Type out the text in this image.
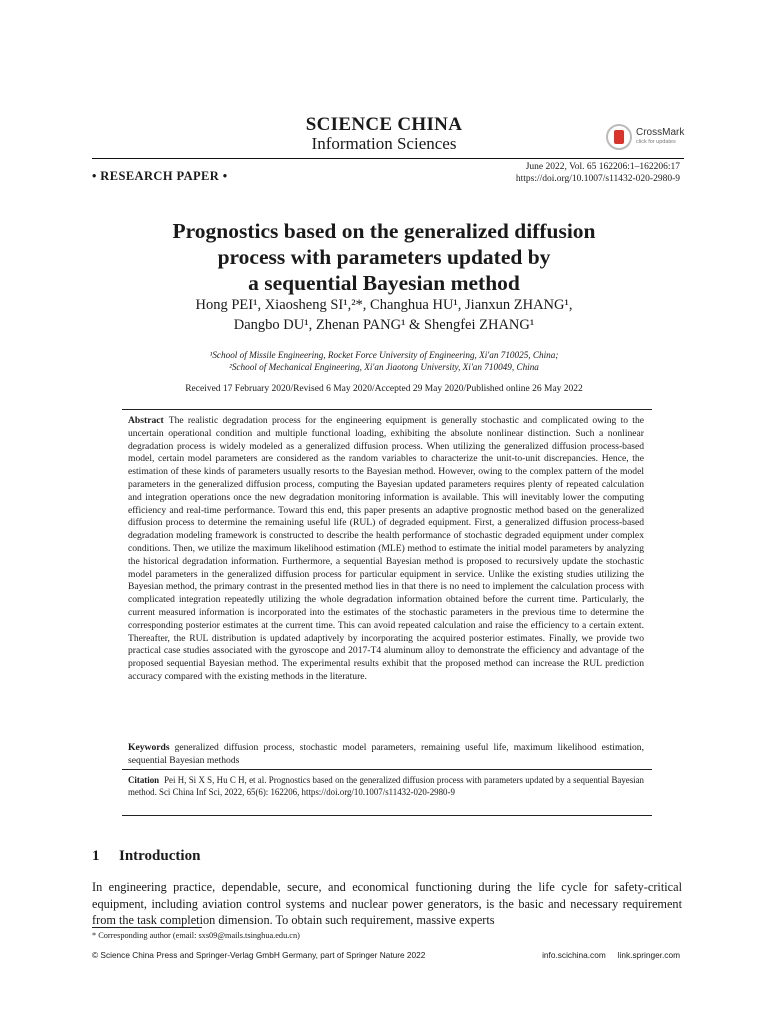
SCIENCE CHINA
Information Sciences
CrossMark
click for updates
• RESEARCH PAPER •
June 2022, Vol. 65 162206:1–162206:17
https://doi.org/10.1007/s11432-020-2980-9
Prognostics based on the generalized diffusion
process with parameters updated by
a sequential Bayesian method
Hong PEI¹, Xiaosheng SI¹,²*, Changhua HU¹, Jianxun ZHANG¹,
Dangbo DU¹, Zhenan PANG¹ & Shengfei ZHANG¹
¹School of Missile Engineering, Rocket Force University of Engineering, Xi'an 710025, China;
²School of Mechanical Engineering, Xi'an Jiaotong University, Xi'an 710049, China
Received 17 February 2020/Revised 6 May 2020/Accepted 29 May 2020/Published online 26 May 2022
Abstract The realistic degradation process for the engineering equipment is generally stochastic and complicated owing to the uncertain operational condition and multiple functional loading, exhibiting the absolute nonlinear distinction. Such a nonlinear degradation process is widely modeled as a generalized diffusion process. When utilizing the generalized diffusion process-based model, certain model parameters are considered as the random variables to characterize the unit-to-unit discrepancies. Hence, the estimation of these kinds of parameters usually resorts to the Bayesian method. However, owing to the complex pattern of the model parameters in the generalized diffusion process, computing the Bayesian updated parameters requires plenty of repeated calculation and integration operations once the new degradation monitoring information is available. This will inevitably lower the computing efficiency and real-time performance. Toward this end, this paper presents an adaptive prognostic method based on the generalized diffusion process to determine the remaining useful life (RUL) of degraded equipment. First, a generalized diffusion process-based degradation modeling framework is constructed to describe the health performance of stochastic degraded equipment under complex conditions. Then, we utilize the maximum likelihood estimation (MLE) method to estimate the initial model parameters by analyzing the historical degradation information. Furthermore, a sequential Bayesian method is proposed to recursively update the stochastic model parameters in the generalized diffusion process for particular equipment in service. Unlike the existing studies utilizing the Bayesian method, the primary contrast in the presented method lies in that there is no need to implement the calculation process with complicated integration repeatedly utilizing the whole degradation information obtained before the current time. Particularly, the current measured information is incorporated into the estimates of the stochastic parameters in the previous time to determine the corresponding posterior estimates at the current time. This can avoid repeated calculation and raise the efficiency to a certain extent. Thereafter, the RUL distribution is updated adaptively by incorporating the acquired posterior estimates. Finally, we provide two practical case studies associated with the gyroscope and 2017-T4 aluminum alloy to demonstrate the efficiency and advantage of the proposed sequential Bayesian method. The experimental results exhibit that the proposed method can increase the RUL prediction accuracy compared with the existing methods in the literature.
Keywords generalized diffusion process, stochastic model parameters, remaining useful life, maximum likelihood estimation, sequential Bayesian methods
Citation Pei H, Si X S, Hu C H, et al. Prognostics based on the generalized diffusion process with parameters updated by a sequential Bayesian method. Sci China Inf Sci, 2022, 65(6): 162206, https://doi.org/10.1007/s11432-020-2980-9
1 Introduction
In engineering practice, dependable, secure, and economical functioning during the life cycle for safety-critical equipment, including aviation control systems and nuclear power generators, is the basic and necessary requirement from the task completion dimension. To obtain such requirement, massive experts
* Corresponding author (email: sxs09@mails.tsinghua.edu.cn)
© Science China Press and Springer-Verlag GmbH Germany, part of Springer Nature 2022	info.scichina.com link.springer.com
